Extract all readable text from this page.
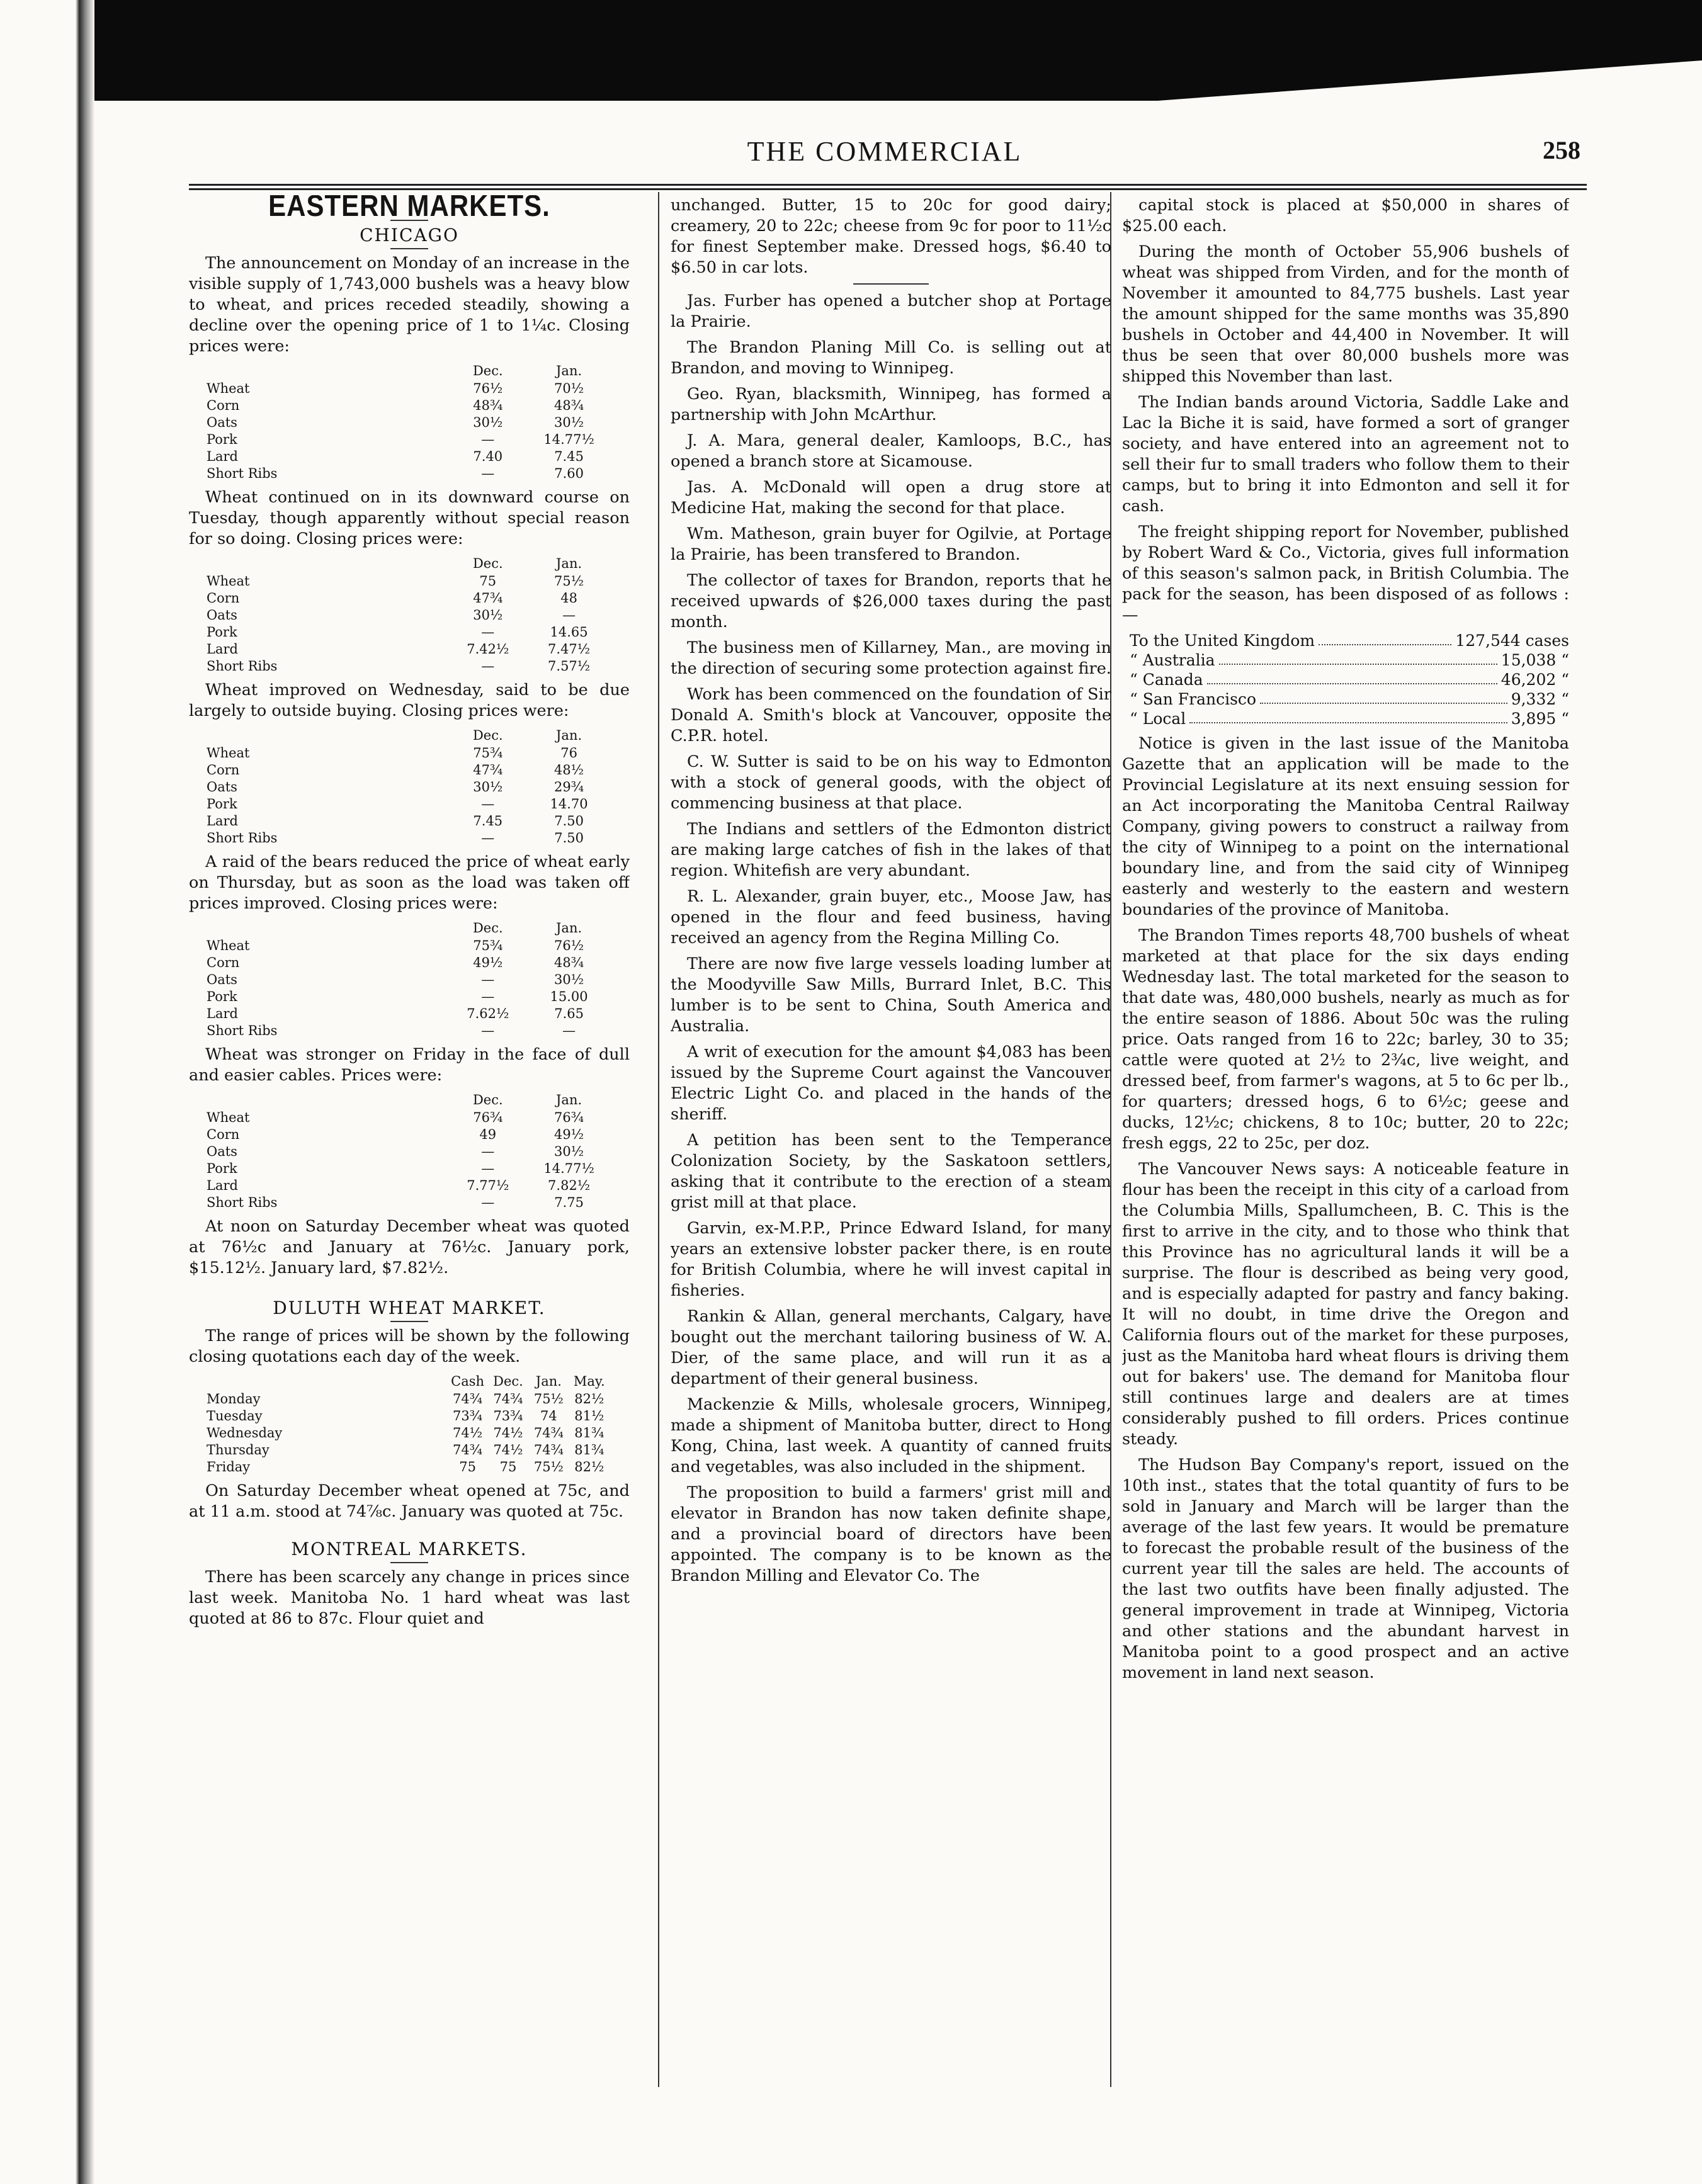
THE COMMERCIAL	258
EASTERN MARKETS.
CHICAGO

The announcement on Monday of an increase in the visible supply of 1,743,000 bushels was a heavy blow to wheat, and prices receded steadily, showing a decline over the opening price of 1 to 1¼c. Closing prices were:

	Dec.	Jan.
Wheat	76½	70½
Corn	48¾	48¾
Oats	30½	30½
Pork	—	14.77½
Lard	7.40	7.45
Short Ribs	—	7.60

Wheat continued on in its downward course on Tuesday, though apparently without special reason for so doing. Closing prices were:

	Dec.	Jan.
Wheat	75	75½
Corn	47¾	48
Oats	30½	—
Pork	—	14.65
Lard	7.42½	7.47½
Short Ribs	—	7.57½

Wheat improved on Wednesday, said to be due largely to outside buying. Closing prices were:

	Dec.	Jan.
Wheat	75¾	76
Corn	47¾	48½
Oats	30½	29¾
Pork	—	14.70
Lard	7.45	7.50
Short Ribs	—	7.50

A raid of the bears reduced the price of wheat early on Thursday, but as soon as the load was taken off prices improved. Closing prices were:

	Dec.	Jan.
Wheat	75¾	76½
Corn	49½	48¾
Oats	—	30½
Pork	—	15.00
Lard	7.62½	7.65
Short Ribs	—	—

Wheat was stronger on Friday in the face of dull and easier cables. Prices were:

	Dec.	Jan.
Wheat	76¾	76¾
Corn	49	49½
Oats	—	30½
Pork	—	14.77½
Lard	7.77½	7.82½
Short Ribs	—	7.75

At noon on Saturday December wheat was quoted at 76½c and January at 76½c. January pork, $15.12½. January lard, $7.82½.

DULUTH WHEAT MARKET.

The range of prices will be shown by the following closing quotations each day of the week.

	Cash	Dec.	Jan.	May.
Monday	74¾	74¾	75½	82½
Tuesday	73¾	73¾	74	81½
Wednesday	74½	74½	74¾	81¾
Thursday	74¾	74½	74¾	81¾
Friday	75	75	75½	82½

On Saturday December wheat opened at 75c, and at 11 a.m. stood at 74⅞c. January was quoted at 75c.

MONTREAL MARKETS.

There has been scarcely any change in prices since last week. Manitoba No. 1 hard wheat was last quoted at 86 to 87c. Flour quiet and

unchanged. Butter, 15 to 20c for good dairy; creamery, 20 to 22c; cheese from 9c for poor to 11½c for finest September make. Dressed hogs, $6.40 to $6.50 in car lots.

Jas. Furber has opened a butcher shop at Portage la Prairie.

The Brandon Planing Mill Co. is selling out at Brandon, and moving to Winnipeg.

Geo. Ryan, blacksmith, Winnipeg, has formed a partnership with John McArthur.

J. A. Mara, general dealer, Kamloops, B.C., has opened a branch store at Sicamouse.

Jas. A. McDonald will open a drug store at Medicine Hat, making the second for that place.

Wm. Matheson, grain buyer for Ogilvie, at Portage la Prairie, has been transfered to Brandon.

The collector of taxes for Brandon, reports that he received upwards of $26,000 taxes during the past month.

The business men of Killarney, Man., are moving in the direction of securing some protection against fire.

Work has been commenced on the foundation of Sir Donald A. Smith's block at Vancouver, opposite the C.P.R. hotel.

C. W. Sutter is said to be on his way to Edmonton with a stock of general goods, with the object of commencing business at that place.

The Indians and settlers of the Edmonton district are making large catches of fish in the lakes of that region. Whitefish are very abundant.

R. L. Alexander, grain buyer, etc., Moose Jaw, has opened in the flour and feed business, having received an agency from the Regina Milling Co.

There are now five large vessels loading lumber at the Moodyville Saw Mills, Burrard Inlet, B.C. This lumber is to be sent to China, South America and Australia.

A writ of execution for the amount $4,083 has been issued by the Supreme Court against the Vancouver Electric Light Co. and placed in the hands of the sheriff.

A petition has been sent to the Temperance Colonization Society, by the Saskatoon settlers, asking that it contribute to the erection of a steam grist mill at that place.

Garvin, ex-M.P.P., Prince Edward Island, for many years an extensive lobster packer there, is en route for British Columbia, where he will invest capital in fisheries.

Rankin & Allan, general merchants, Calgary, have bought out the merchant tailoring business of W. A. Dier, of the same place, and will run it as a department of their general business.

Mackenzie & Mills, wholesale grocers, Winnipeg, made a shipment of Manitoba butter, direct to Hong Kong, China, last week. A quantity of canned fruits and vegetables, was also included in the shipment.

The proposition to build a farmers' grist mill and elevator in Brandon has now taken definite shape, and a provincial board of directors have been appointed. The company is to be known as the Brandon Milling and Elevator Co. The

capital stock is placed at $50,000 in shares of $25.00 each.

During the month of October 55,906 bushels of wheat was shipped from Virden, and for the month of November it amounted to 84,775 bushels. Last year the amount shipped for the same months was 35,890 bushels in October and 44,400 in November. It will thus be seen that over 80,000 bushels more was shipped this November than last.

The Indian bands around Victoria, Saddle Lake and Lac la Biche it is said, have formed a sort of granger society, and have entered into an agreement not to sell their fur to small traders who follow them to their camps, but to bring it into Edmonton and sell it for cash.

The freight shipping report for November, published by Robert Ward & Co., Victoria, gives full information of this season's salmon pack, in British Columbia. The pack for the season, has been disposed of as follows :—

To the United Kingdom	127,544 cases
“ Australia	15,038 “
“ Canada	46,202 “
“ San Francisco	9,332 “
“ Local	3,895 “

Notice is given in the last issue of the Manitoba Gazette that an application will be made to the Provincial Legislature at its next ensuing session for an Act incorporating the Manitoba Central Railway Company, giving powers to construct a railway from the city of Winnipeg to a point on the international boundary line, and from the said city of Winnipeg easterly and westerly to the eastern and western boundaries of the province of Manitoba.

The Brandon Times reports 48,700 bushels of wheat marketed at that place for the six days ending Wednesday last. The total marketed for the season to that date was, 480,000 bushels, nearly as much as for the entire season of 1886. About 50c was the ruling price. Oats ranged from 16 to 22c; barley, 30 to 35; cattle were quoted at 2½ to 2¾c, live weight, and dressed beef, from farmer's wagons, at 5 to 6c per lb., for quarters; dressed hogs, 6 to 6½c; geese and ducks, 12½c; chickens, 8 to 10c; butter, 20 to 22c; fresh eggs, 22 to 25c, per doz.

The Vancouver News says: A noticeable feature in flour has been the receipt in this city of a carload from the Columbia Mills, Spallumcheen, B. C. This is the first to arrive in the city, and to those who think that this Province has no agricultural lands it will be a surprise. The flour is described as being very good, and is especially adapted for pastry and fancy baking. It will no doubt, in time drive the Oregon and California flours out of the market for these purposes, just as the Manitoba hard wheat flours is driving them out for bakers' use. The demand for Manitoba flour still continues large and dealers are at times considerably pushed to fill orders. Prices continue steady.

The Hudson Bay Company's report, issued on the 10th inst., states that the total quantity of furs to be sold in January and March will be larger than the average of the last few years. It would be premature to forecast the probable result of the business of the current year till the sales are held. The accounts of the last two outfits have been finally adjusted. The general improvement in trade at Winnipeg, Victoria and other stations and the abundant harvest in Manitoba point to a good prospect and an active movement in land next season.
